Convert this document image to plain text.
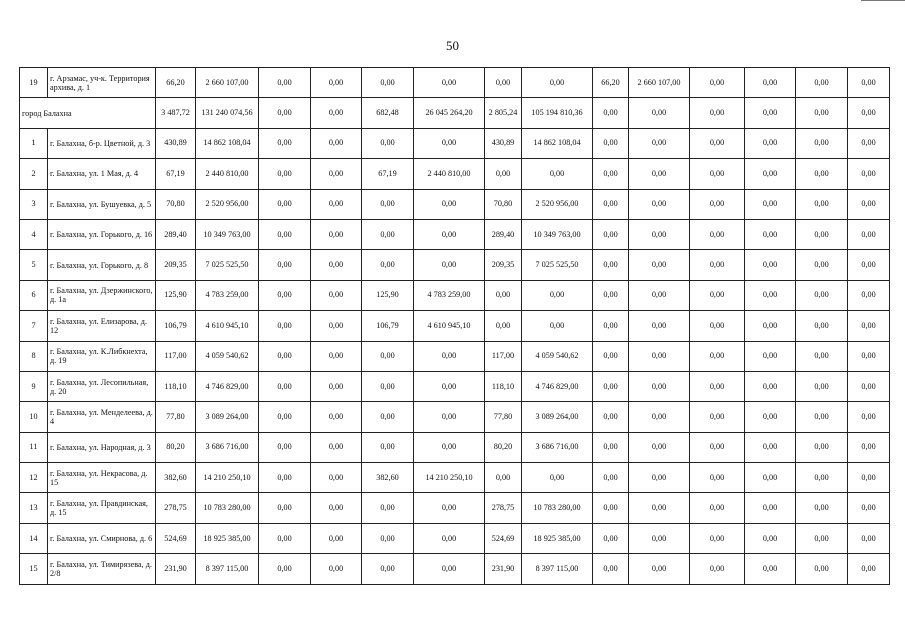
50
19	г. Арзамас, уч-к. Территория архива, д. 1	66,20	2 660 107,00	0,00	0,00	0,00	0,00	0,00	0,00	66,20	2 660 107,00	0,00	0,00	0,00	0,00
город Балахна		3 487,72	131 240 074,56	0,00	0,00	682,48	26 045 264,20	2 805,24	105 194 810,36	0,00	0,00	0,00	0,00	0,00	0,00
1	г. Балахна, б-р. Цветной, д. 3	430,89	14 862 108,04	0,00	0,00	0,00	0,00	430,89	14 862 108,04	0,00	0,00	0,00	0,00	0,00	0,00
2	г. Балахна, ул. 1 Мая, д. 4	67,19	2 440 810,00	0,00	0,00	67,19	2 440 810,00	0,00	0,00	0,00	0,00	0,00	0,00	0,00	0,00
3	г. Балахна, ул. Бушуевка, д. 5	70,80	2 520 956,00	0,00	0,00	0,00	0,00	70,80	2 520 956,00	0,00	0,00	0,00	0,00	0,00	0,00
4	г. Балахна, ул. Горького, д. 16	289,40	10 349 763,00	0,00	0,00	0,00	0,00	289,40	10 349 763,00	0,00	0,00	0,00	0,00	0,00	0,00
5	г. Балахна, ул. Горького, д. 8	209,35	7 025 525,50	0,00	0,00	0,00	0,00	209,35	7 025 525,50	0,00	0,00	0,00	0,00	0,00	0,00
6	г. Балахна, ул. Дзержинского, д. 1а	125,90	4 783 259,00	0,00	0,00	125,90	4 783 259,00	0,00	0,00	0,00	0,00	0,00	0,00	0,00	0,00
7	г. Балахна, ул. Елизарова, д. 12	106,79	4 610 945,10	0,00	0,00	106,79	4 610 945,10	0,00	0,00	0,00	0,00	0,00	0,00	0,00	0,00
8	г. Балахна, ул. К.Либкнехта, д. 19	117,00	4 059 540,62	0,00	0,00	0,00	0,00	117,00	4 059 540,62	0,00	0,00	0,00	0,00	0,00	0,00
9	г. Балахна, ул. Лесопильная, д. 20	118,10	4 746 829,00	0,00	0,00	0,00	0,00	118,10	4 746 829,00	0,00	0,00	0,00	0,00	0,00	0,00
10	г. Балахна, ул. Менделеева, д. 4	77,80	3 089 264,00	0,00	0,00	0,00	0,00	77,80	3 089 264,00	0,00	0,00	0,00	0,00	0,00	0,00
11	г. Балахна, ул. Народная, д. 3	80,20	3 686 716,00	0,00	0,00	0,00	0,00	80,20	3 686 716,00	0,00	0,00	0,00	0,00	0,00	0,00
12	г. Балахна, ул. Некрасова, д. 15	382,60	14 210 250,10	0,00	0,00	382,60	14 210 250,10	0,00	0,00	0,00	0,00	0,00	0,00	0,00	0,00
13	г. Балахна, ул. Правдинская, д. 15	278,75	10 783 280,00	0,00	0,00	0,00	0,00	278,75	10 783 280,00	0,00	0,00	0,00	0,00	0,00	0,00
14	г. Балахна, ул. Смирнова, д. 6	524,69	18 925 385,00	0,00	0,00	0,00	0,00	524,69	18 925 385,00	0,00	0,00	0,00	0,00	0,00	0,00
15	г. Балахна, ул. Тимирязева, д. 2/8	231,90	8 397 115,00	0,00	0,00	0,00	0,00	231,90	8 397 115,00	0,00	0,00	0,00	0,00	0,00	0,00
